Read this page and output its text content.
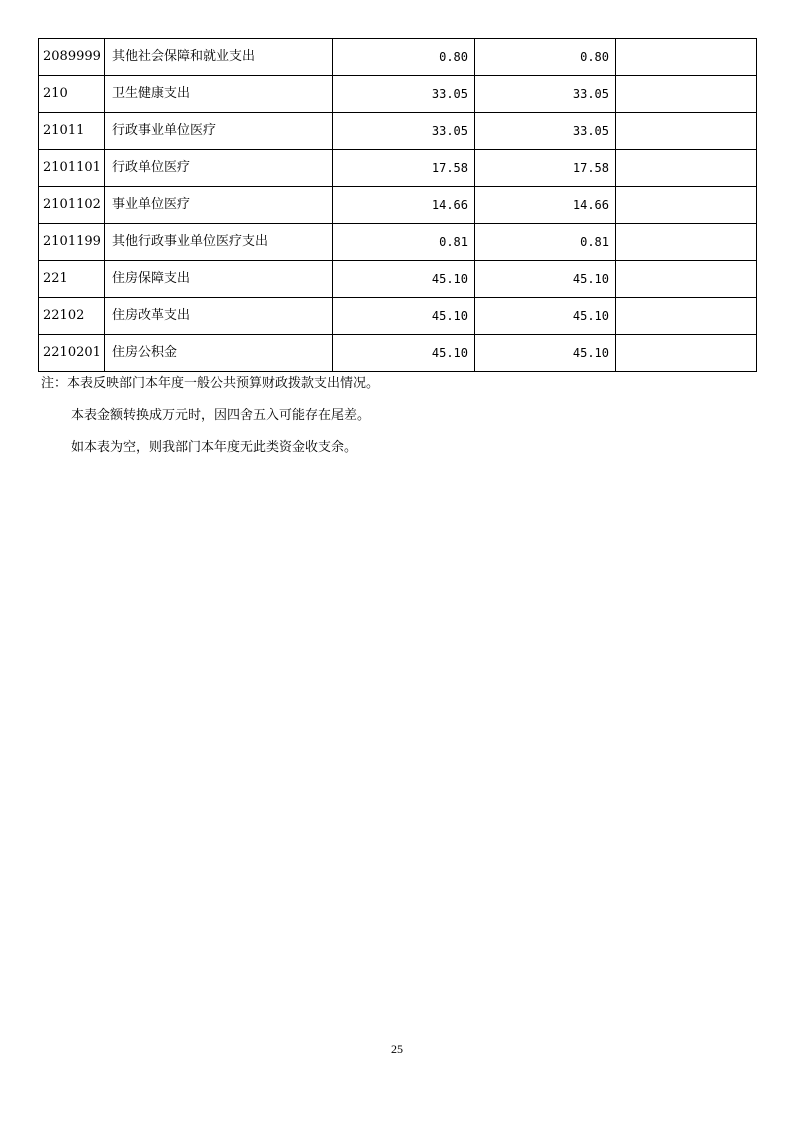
2089999	其他社会保障和就业支出	0.80	0.80	
210	卫生健康支出	33.05	33.05	
21011	行政事业单位医疗	33.05	33.05	
2101101	行政单位医疗	17.58	17.58	
2101102	事业单位医疗	14.66	14.66	
2101199	其他行政事业单位医疗支出	0.81	0.81	
221	住房保障支出	45.10	45.10	
22102	住房改革支出	45.10	45.10	
2210201	住房公积金	45.10	45.10	
注：本表反映部门本年度一般公共预算财政拨款支出情况。
本表金额转换成万元时，因四舍五入可能存在尾差。
如本表为空，则我部门本年度无此类资金收支余。
25
